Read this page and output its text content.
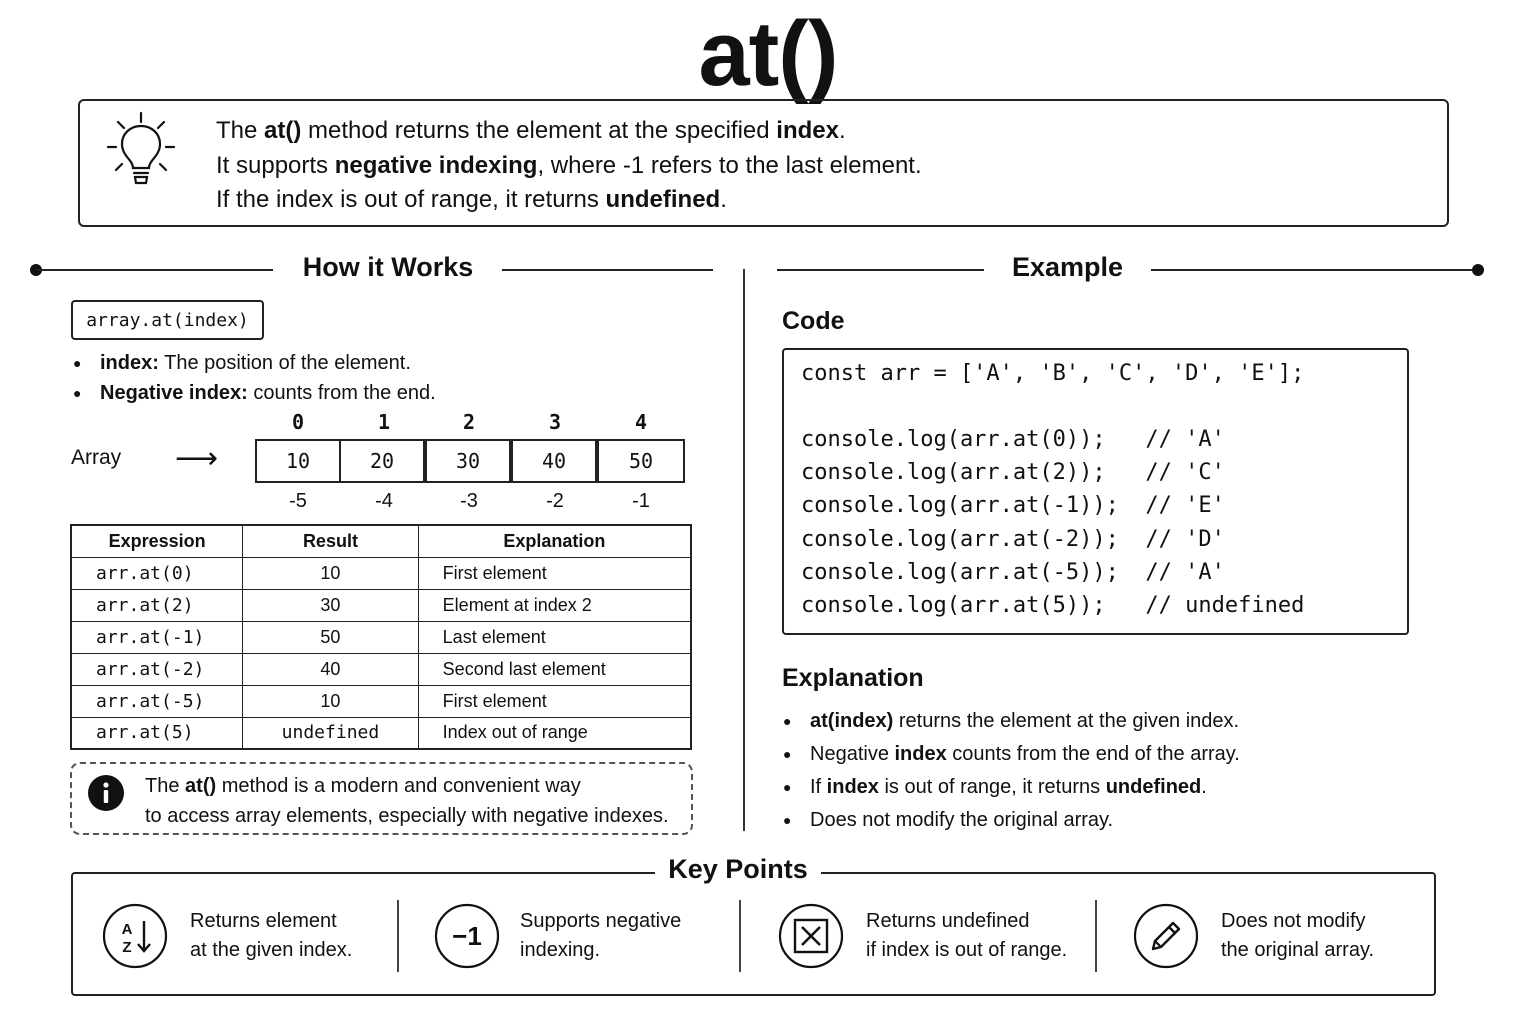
at()
The at() method returns the element at the specified index.
It supports negative indexing, where -1 refers to the last element.
If the index is out of range, it returns undefined.
How it Works	Example
array.at(index)
● index: The position of the element.
● Negative index: counts from the end.
0	1	2	3	4
Array ⟶	10	20	30	40	50
-5	-4	-3	-2	-1
Expression	Result	Explanation
arr.at(0)	10	First element
arr.at(2)	30	Element at index 2
arr.at(-1)	50	Last element
arr.at(-2)	40	Second last element
arr.at(-5)	10	First element
arr.at(5)	undefined	Index out of range
The at() method is a modern and convenient way
to access array elements, especially with negative indexes.
Code
const arr = ['A', 'B', 'C', 'D', 'E'];
console.log(arr.at(0));   // 'A'
console.log(arr.at(2));   // 'C'
console.log(arr.at(-1));  // 'E'
console.log(arr.at(-2));  // 'D'
console.log(arr.at(-5));  // 'A'
console.log(arr.at(5));   // undefined
Explanation
● at(index) returns the element at the given index.
● Negative index counts from the end of the array.
● If index is out of range, it returns undefined.
● Does not modify the original array.
Key Points
A
Z
Returns element
at the given index.	−1 Supports negative
indexing.
Returns undefined
if index is out of range.
Does not modify
the original array.
